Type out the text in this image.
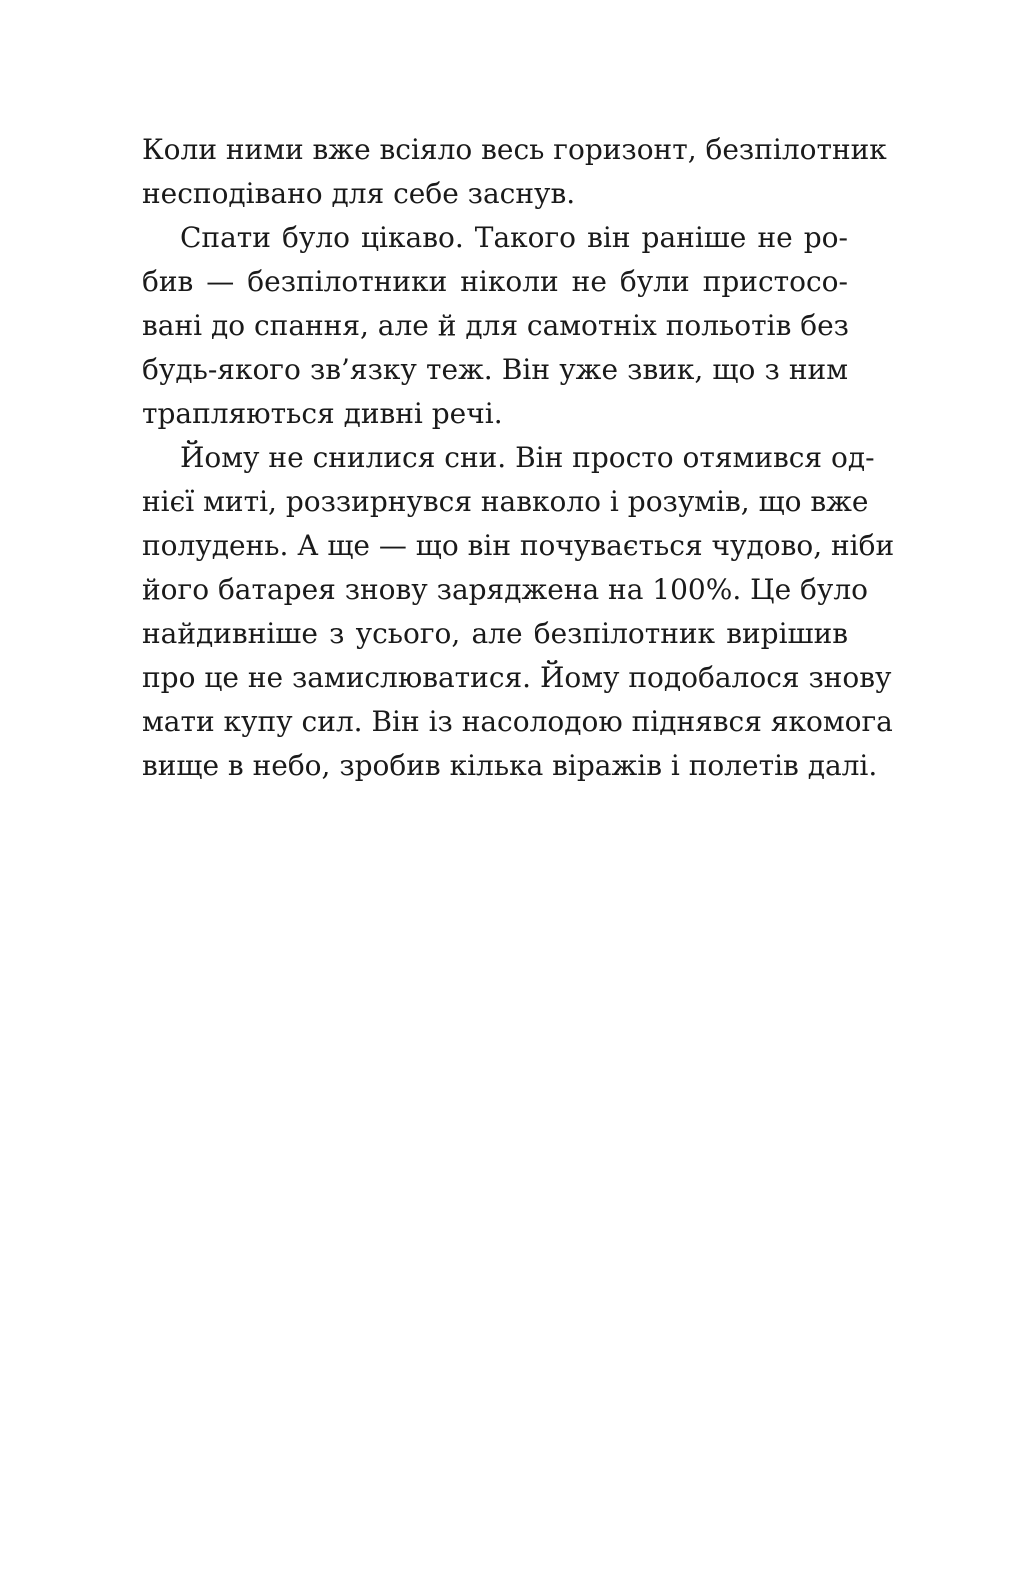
Коли ними вже всіяло весь горизонт, безпілотник
несподівано для себе заснув.

Спати було цікаво. Такого він раніше не ро-
бив — безпілотники ніколи не були пристосо-
вані до спання, але й для самотніх польотів без
будь-якого зв’язку теж. Він уже звик, що з ним
трапляються дивні речі.

Йому не снилися сни. Він просто отямився од-
нієї миті, роззирнувся навколо і розумів, що вже
полудень. А ще — що він почувається чудово, ніби
його батарея знову заряджена на 100%. Це було
найдивніше з усього, але безпілотник вирішив
про це не замислюватися. Йому подобалося знову
мати купу сил. Він із насолодою піднявся якомога
вище в небо, зробив кілька віражів і полетів далі.
